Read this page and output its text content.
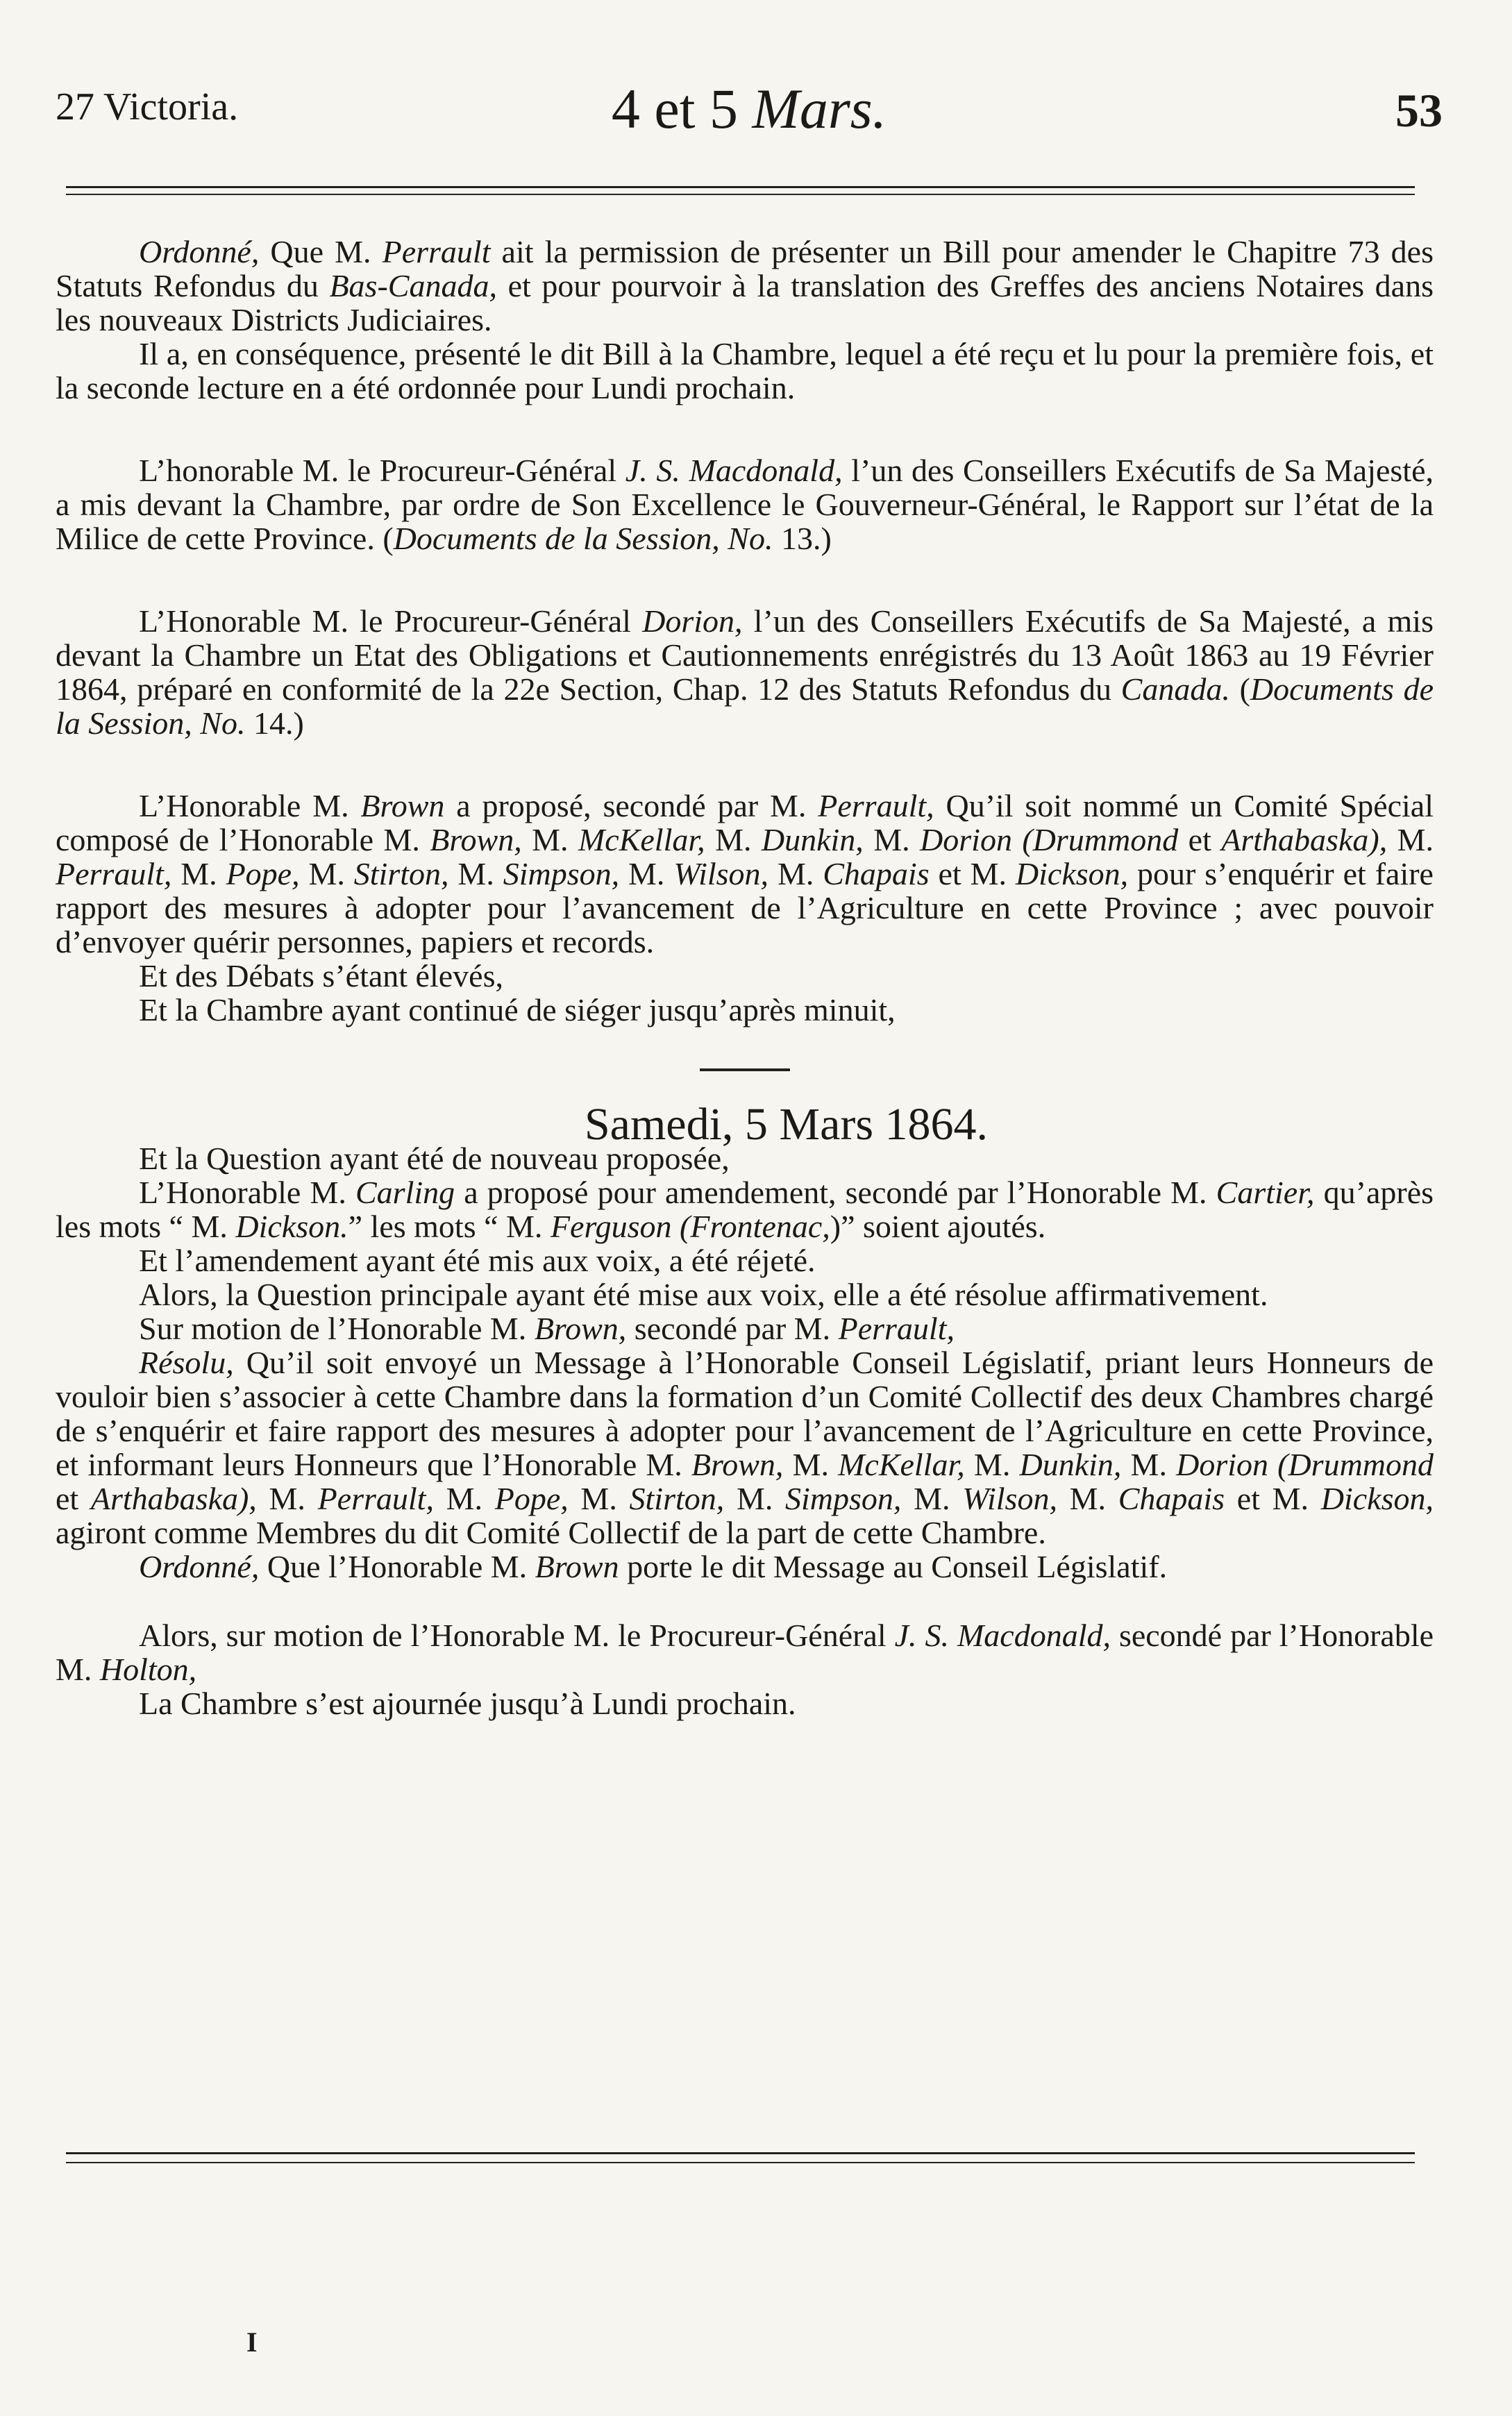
27 Victoria.	4 et 5 Mars.	53

Ordonné, Que M. Perrault ait la permission de présenter un Bill pour amender le Chapitre 73 des Statuts Refondus du Bas-Canada, et pour pourvoir à la translation des Greffes des anciens Notaires dans les nouveaux Districts Judiciaires.

Il a, en conséquence, présenté le dit Bill à la Chambre, lequel a été reçu et lu pour la première fois, et la seconde lecture en a été ordonnée pour Lundi prochain.

L’honorable M. le Procureur-Général J. S. Macdonald, l’un des Conseillers Exécutifs de Sa Majesté, a mis devant la Chambre, par ordre de Son Excellence le Gouverneur-Général, le Rapport sur l’état de la Milice de cette Province. (Documents de la Session, No. 13.)

L’Honorable M. le Procureur-Général Dorion, l’un des Conseillers Exécutifs de Sa Majesté, a mis devant la Chambre un Etat des Obligations et Cautionnements enrégistrés du 13 Août 1863 au 19 Février 1864, préparé en conformité de la 22e Section, Chap. 12 des Statuts Refondus du Canada. (Documents de la Session, No. 14.)

L’Honorable M. Brown a proposé, secondé par M. Perrault, Qu’il soit nommé un Comité Spécial composé de l’Honorable M. Brown, M. McKellar, M. Dunkin, M. Dorion (Drummond et Arthabaska), M. Perrault, M. Pope, M. Stirton, M. Simpson, M. Wilson, M. Chapais et M. Dickson, pour s’enquérir et faire rapport des mesures à adopter pour l’avancement de l’Agriculture en cette Province ; avec pouvoir d’envoyer quérir personnes, papiers et records.

Et des Débats s’étant élevés,

Et la Chambre ayant continué de siéger jusqu’après minuit,

Samedi, 5 Mars 1864.

Et la Question ayant été de nouveau proposée,

L’Honorable M. Carling a proposé pour amendement, secondé par l’Honorable M. Cartier, qu’après les mots “ M. Dickson.” les mots “ M. Ferguson (Frontenac,)” soient ajoutés.

Et l’amendement ayant été mis aux voix, a été réjeté.

Alors, la Question principale ayant été mise aux voix, elle a été résolue affirmativement.

Sur motion de l’Honorable M. Brown, secondé par M. Perrault,

Résolu, Qu’il soit envoyé un Message à l’Honorable Conseil Législatif, priant leurs Honneurs de vouloir bien s’associer à cette Chambre dans la formation d’un Comité Collectif des deux Chambres chargé de s’enquérir et faire rapport des mesures à adopter pour l’avancement de l’Agriculture en cette Province, et informant leurs Honneurs que l’Honorable M. Brown, M. McKellar, M. Dunkin, M. Dorion (Drummond et Arthabaska), M. Perrault, M. Pope, M. Stirton, M. Simpson, M. Wilson, M. Chapais et M. Dickson, agiront comme Membres du dit Comité Collectif de la part de cette Chambre.

Ordonné, Que l’Honorable M. Brown porte le dit Message au Conseil Législatif.

Alors, sur motion de l’Honorable M. le Procureur-Général J. S. Macdonald, secondé par l’Honorable M. Holton,

La Chambre s’est ajournée jusqu’à Lundi prochain.

I
